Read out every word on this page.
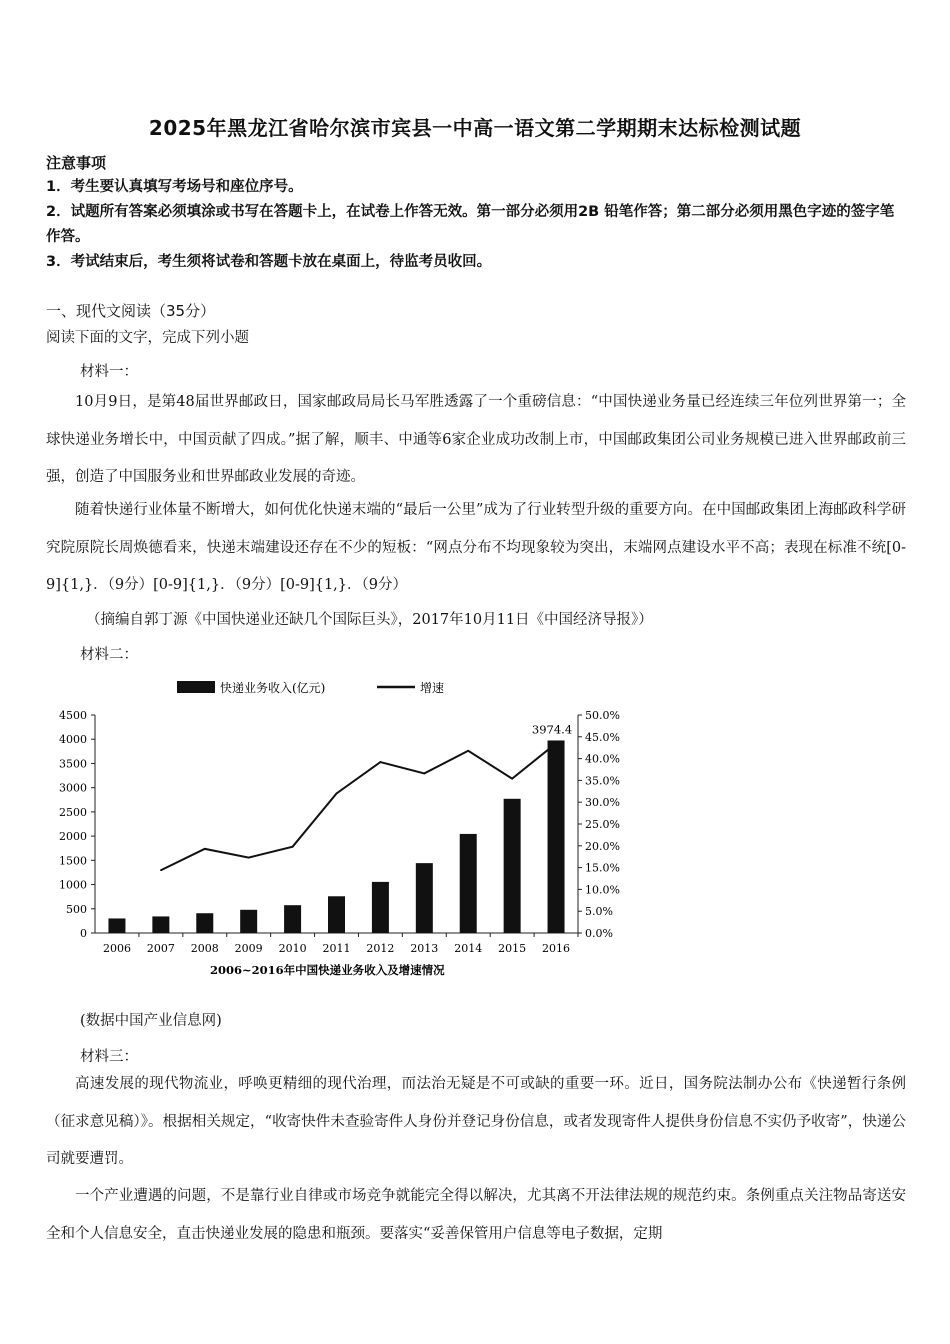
2025年黑龙江省哈尔滨市宾县一中高一语文第二学期期末达标检测试题
注意事项
1．考生要认真填写考场号和座位序号。
2．试题所有答案必须填涂或书写在答题卡上，在试卷上作答无效。第一部分必须用2B 铅笔作答；第二部分必须用黑色字迹的签字笔作答。
3．考试结束后，考生须将试卷和答题卡放在桌面上，待监考员收回。
一、现代文阅读（35分）
阅读下面的文字，完成下列小题
材料一：
10月9日，是第48届世界邮政日，国家邮政局局长马军胜透露了一个重磅信息：“中国快递业务量已经连续三年位列世界第一；全球快递业务增长中，中国贡献了四成。”据了解，顺丰、中通等6家企业成功改制上市，中国邮政集团公司业务规模已进入世界邮政前三强，创造了中国服务业和世界邮政业发展的奇迹。
随着快递行业体量不断增大，如何优化快递末端的“最后一公里”成为了行业转型升级的重要方向。在中国邮政集团上海邮政科学研究院原院长周焕德看来，快递末端建设还存在不少的短板：“网点分布不均现象较为突出，末端网点建设水平不高；表现在标准不统[0-9]{1,}．（9分）[0-9]{1,}．（9分）[0-9]{1,}．（9分）
（摘编自郭丁源《中国快递业还缺几个国际巨头》，2017年10月11日《中国经济导报》）
材料二：
快递业务收入(亿元)	增速
0
500
1000
1500
2000
2500
3000
3500
4000
4500
0.0%
5.0%
10.0%
15.0%
20.0%
25.0%
30.0%
35.0%
40.0%
45.0%
50.0%
2006 2007 2008 2009 2010 2011 2012 2013 2014 2015 2016
3974.4
2006~2016年中国快递业务收入及增速情况
(数据中国产业信息网)
材料三：
高速发展的现代物流业，呼唤更精细的现代治理，而法治无疑是不可或缺的重要一环。近日，国务院法制办公布《快递暂行条例（征求意见稿）》。根据相关规定，“收寄快件未查验寄件人身份并登记身份信息，或者发现寄件人提供身份信息不实仍予收寄”，快递公司就要遭罚。
一个产业遭遇的问题，不是靠行业自律或市场竞争就能完全得以解决，尤其离不开法律法规的规范约束。条例重点关注物品寄送安全和个人信息安全，直击快递业发展的隐患和瓶颈。要落实“妥善保管用户信息等电子数据，定期
